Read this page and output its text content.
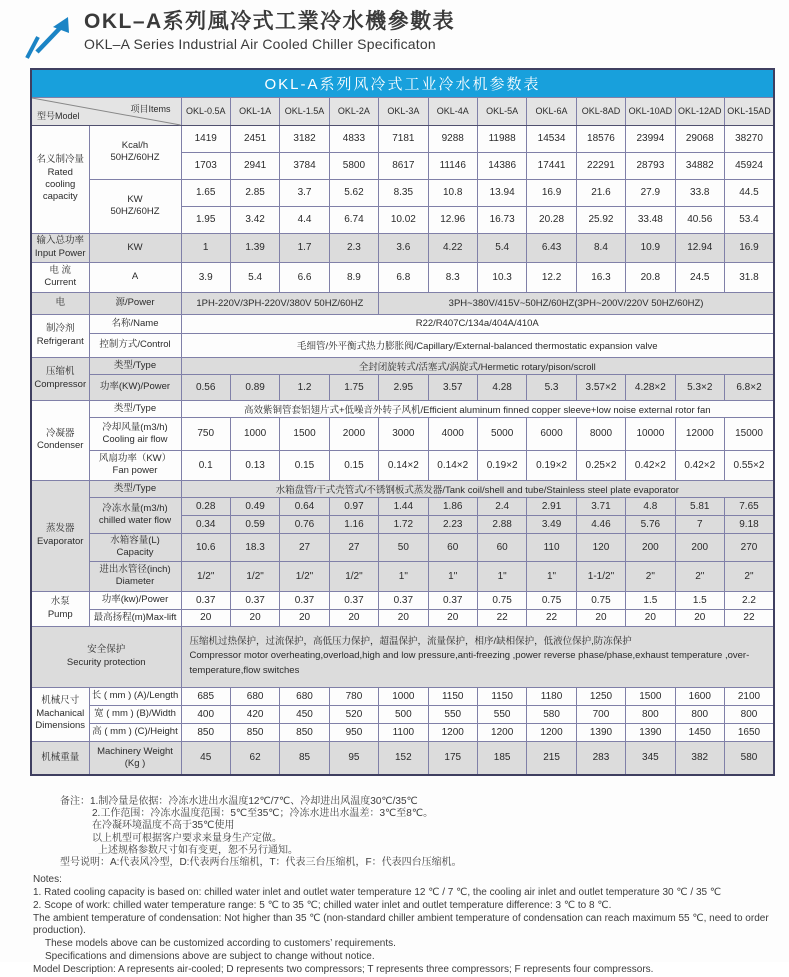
OKL–A系列風冷式工業冷水機參數表
OKL–A Series Industrial Air Cooled Chiller Specificaton
OKL-A系列风冷式工业冷水机参数表													

型号Model
项目Items		OKL-0.5A	OKL-1A	OKL-1.5A	OKL-2A	OKL-3A	OKL-4A	OKL-5A	OKL-6A	OKL-8AD	OKL-10AD	OKL-12AD	OKL-15AD

名义制冷量
Rated cooling capacity

Kcal/h
50HZ/60HZ
	1419	2451	3182	4833	7181	9288	11988	14534	18576	23994	29068	38270
		1703	2941	3784	5800	8617	11146	14386	17441	22291	28793	34882	45924

	KW
50HZ/60HZ	1.65	2.85	3.7	5.62	8.35	10.8	13.94	16.9	21.6	27.9	33.8	44.5
		1.95	3.42	4.4	6.74	10.02	12.96	16.73	20.28	25.92	33.48	40.56	53.4

输入总功率
Input Power	KW	1	1.39	1.7	2.3	3.6	4.22	5.4	6.43	8.4	10.9	12.94	16.9

电 流
Current	A	3.9	5.4	6.6	8.9	6.8	8.3	10.3	12.2	16.3	20.8	24.5	31.8

电	源/Power	1PH-220V/3PH-220V/380V 50HZ/60HZ				3PH~380V/415V~50HZ/60HZ(3PH~200V/220V 50HZ/60HZ)							

制冷剂
Refrigerant	名称/Name	R22/R407C/134a/404A/410A											

	控制方式/Control	毛细管/外平衡式热力膨胀阀/Capillary/External-balanced thermostatic expansion valve											

压缩机
Compressor	类型/Type	全封闭旋转式/活塞式/涡旋式/Hermetic rotary/pison/scroll											

	功率(KW)/Power	0.56	0.89	1.2	1.75	2.95	3.57	4.28	5.3	3.57×2	4.28×2	5.3×2	6.8×2

冷凝器
Condenser	类型/Type	高效紫铜管套铝翅片式+低噪音外转子风机/Efficient aluminum finned copper sleeve+low noise external rotor fan											

	冷却风量(m3/h)
Cooling air flow	750	1000	1500	2000	3000	4000	5000	6000	8000	10000	12000	15000

	风扇功率（KW）
Fan power	0.1	0.13	0.15	0.15	0.14×2	0.14×2	0.19×2	0.19×2	0.25×2	0.42×2	0.42×2	0.55×2

蒸发器
Evaporator	类型/Type	水箱盘管/干式壳管式/不锈钢板式蒸发器/Tank coil/shell and tube/Stainless steel plate evaporator											

	冷冻水量(m3/h)
chilled water flow	0.28	0.49	0.64	0.97	1.44	1.86	2.4	2.91	3.71	4.8	5.81	7.65
		0.34	0.59	0.76	1.16	1.72	2.23	2.88	3.49	4.46	5.76	7	9.18

	水箱容量(L)
Capacity	10.6	18.3	27	27	50	60	60	110	120	200	200	270

	进出水管径(inch)
Diameter	1/2"	1/2"	1/2"	1/2"	1"	1"	1"	1"	1-1/2"	2"	2"	2"

水泵
Pump	功率(kw)/Power	0.37	0.37	0.37	0.37	0.37	0.37	0.75	0.75	0.75	1.5	1.5	2.2

	最高扬程(m)Max-lift	20	20	20	20	20	20	22	22	20	20	20	22

安全保护
Security protection

压缩机过热保护，过流保护，高低压力保护，超温保护，流量保护，相序/缺相保护，低液位保护,防冻保护
Compressor motor overheating,overload,high and low pressure,anti-freezing ,power reverse phase/phase,exhaust temperature ,over-temperature,flow switches

机械尺寸
Machanical Dimensions	长 ( mm ) (A)/Length	685	680	680	780	1000	1150	1150	1180	1250	1500	1600	2100

	宽 ( mm ) (B)/Width	400	420	450	520	500	550	550	580	700	800	800	800

	高 ( mm ) (C)/Height	850	850	850	950	1100	1200	1200	1200	1390	1390	1450	1650

机械重量	Machinery Weight
(Kg )	45	62	85	95	152	175	185	215	283	345	382	580
备注：1.制冷量是依据：冷冻水进出水温度12℃/7℃、冷却进出风温度30℃/35℃
2.工作范围：冷冻水温度范围：5℃至35℃；冷冻水进出水温差：3℃至8℃。
在冷凝环境温度不高于35℃使用
以上机型可根据客户要求来量身生产定做。
上述规格参数尺寸如有变更，恕不另行通知。
型号说明：A:代表风冷型，D:代表两台压缩机，T：代表三台压缩机，F：代表四台压缩机。
Notes:
1. Rated cooling capacity is based on: chilled water inlet and outlet water temperature 12 ℃ / 7 ℃, the cooling air inlet and outlet temperature 30 ℃ / 35 ℃
2. Scope of work: chilled water temperature range: 5 ℃ to 35 ℃; chilled water inlet and outlet temperature difference: 3 ℃ to 8 ℃.
The ambient temperature of condensation: Not higher than 35 ℃ (non-standard chiller ambient temperature of condensation can reach maximum 55 ℃, need to order production).
These models above can be customized according to customers’ requirements.
Specifications and dimensions above are subject to change without notice.
Model Description: A represents air-cooled; D represents two compressors; T represents three compressors; F represents four compressors.
